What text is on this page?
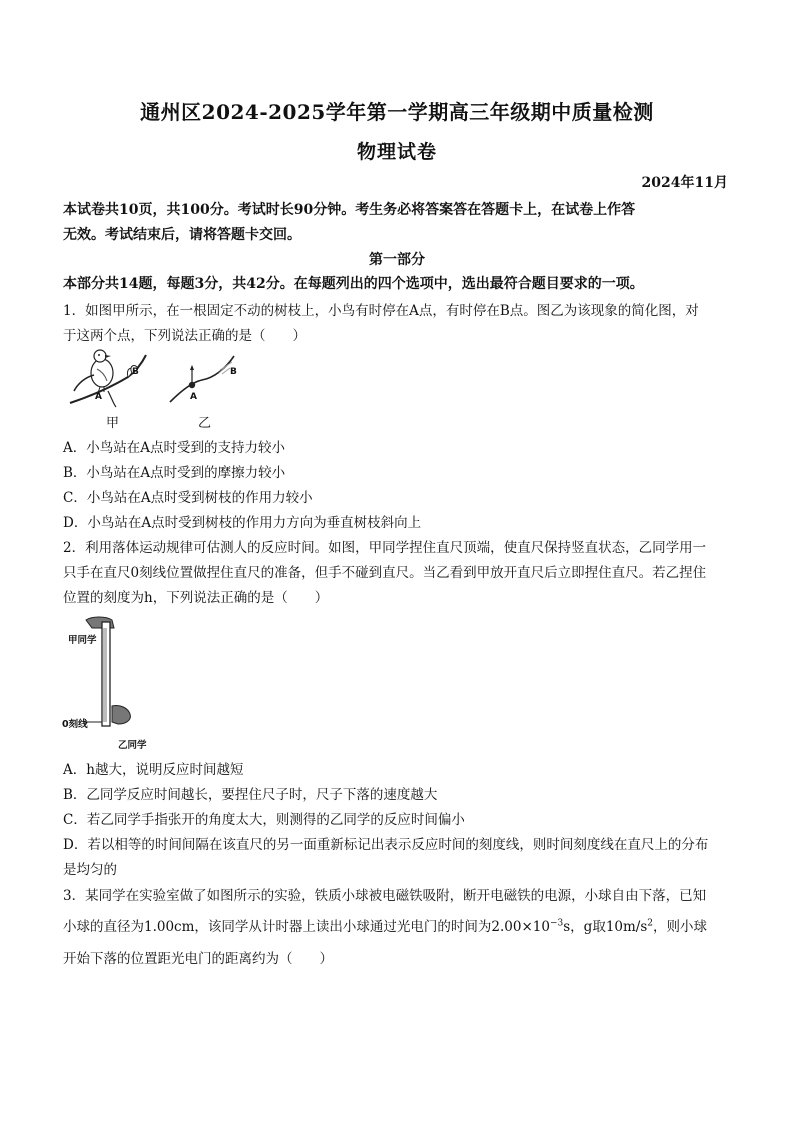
通州区2024-2025学年第一学期高三年级期中质量检测
物理试卷
2024年11月
本试卷共10页，共100分。考试时长90分钟。考生务必将答案答在答题卡上，在试卷上作答
无效。考试结束后，请将答题卡交回。
第一部分
本部分共14题，每题3分，共42分。在每题列出的四个选项中，选出最符合题目要求的一项。
1．如图甲所示，在一根固定不动的树枝上，小鸟有时停在A点，有时停在B点。图乙为该现象的简化图，对
于这两个点，下列说法正确的是（　　）
B
A
B
A
甲	乙
A．小鸟站在A点时受到的支持力较小
B．小鸟站在A点时受到的摩擦力较小
C．小鸟站在A点时受到树枝的作用力较小
D．小鸟站在A点时受到树枝的作用力方向为垂直树枝斜向上
2．利用落体运动规律可估测人的反应时间。如图，甲同学捏住直尺顶端，使直尺保持竖直状态，乙同学用一
只手在直尺0刻线位置做捏住直尺的准备，但手不碰到直尺。当乙看到甲放开直尺后立即捏住直尺。若乙捏住
位置的刻度为h，下列说法正确的是（　　）
甲同学
0刻线
乙同学
A．h越大，说明反应时间越短
B．乙同学反应时间越长，要捏住尺子时，尺子下落的速度越大
C．若乙同学手指张开的角度太大，则测得的乙同学的反应时间偏小
D．若以相等的时间间隔在该直尺的另一面重新标记出表示反应时间的刻度线，则时间刻度线在直尺上的分布
是均匀的
3．某同学在实验室做了如图所示的实验，铁质小球被电磁铁吸附，断开电磁铁的电源，小球自由下落，已知
小球的直径为1.00cm，该同学从计时器上读出小球通过光电门的时间为$2.00\times 10^{-3}s$，g取$10m/s^2$，则小球
开始下落的位置距光电门的距离约为（　　）
